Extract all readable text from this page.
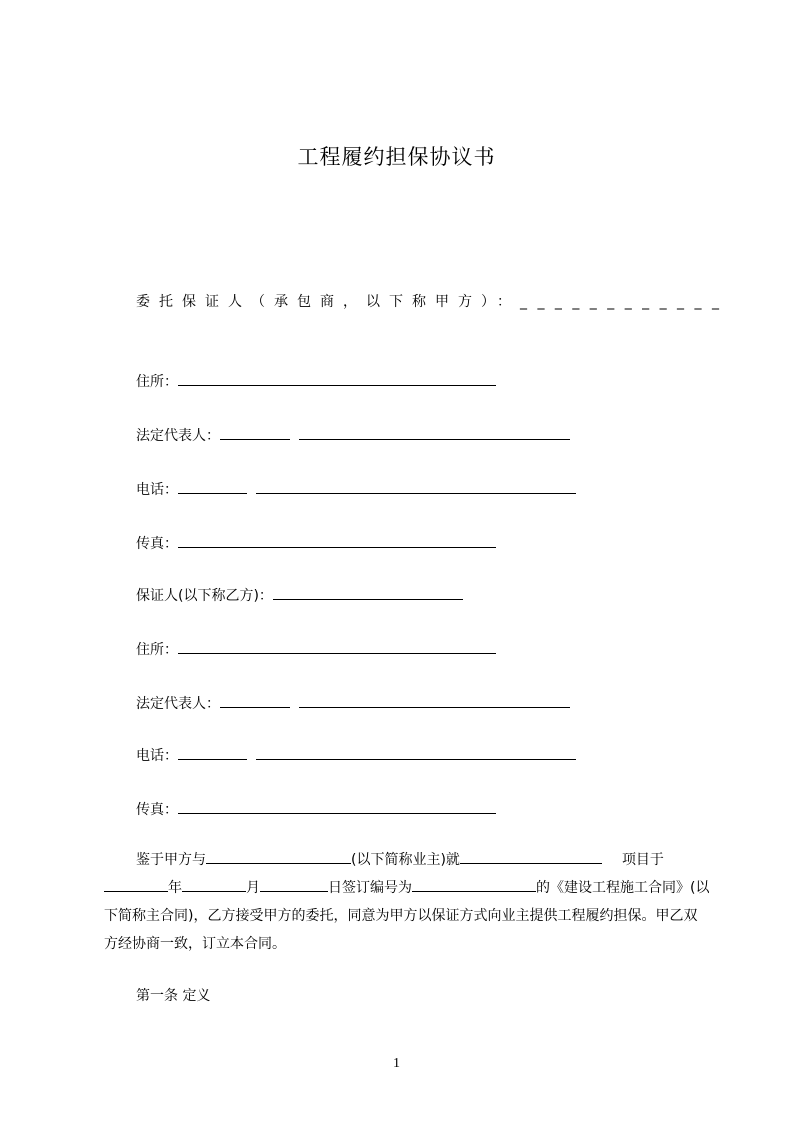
工程履约担保协议书
委托保证人（承包商，以下称甲方）：_ _ _ _ _ _ _ _ _ _ _ _
住所：
法定代表人：
电话：
传真：
保证人(以下称乙方)：
住所：
法定代表人：
电话：
传真：
鉴于甲方与	(以下简称业主)就	项目于
年	月	日签订编号为	的《建设工程施工合同》(以下简称主合同)，乙方接受甲方的委托，同意为甲方以保证方式向业主提供工程履约担保。甲乙双方经协商一致，订立本合同。
第一条 定义
1
